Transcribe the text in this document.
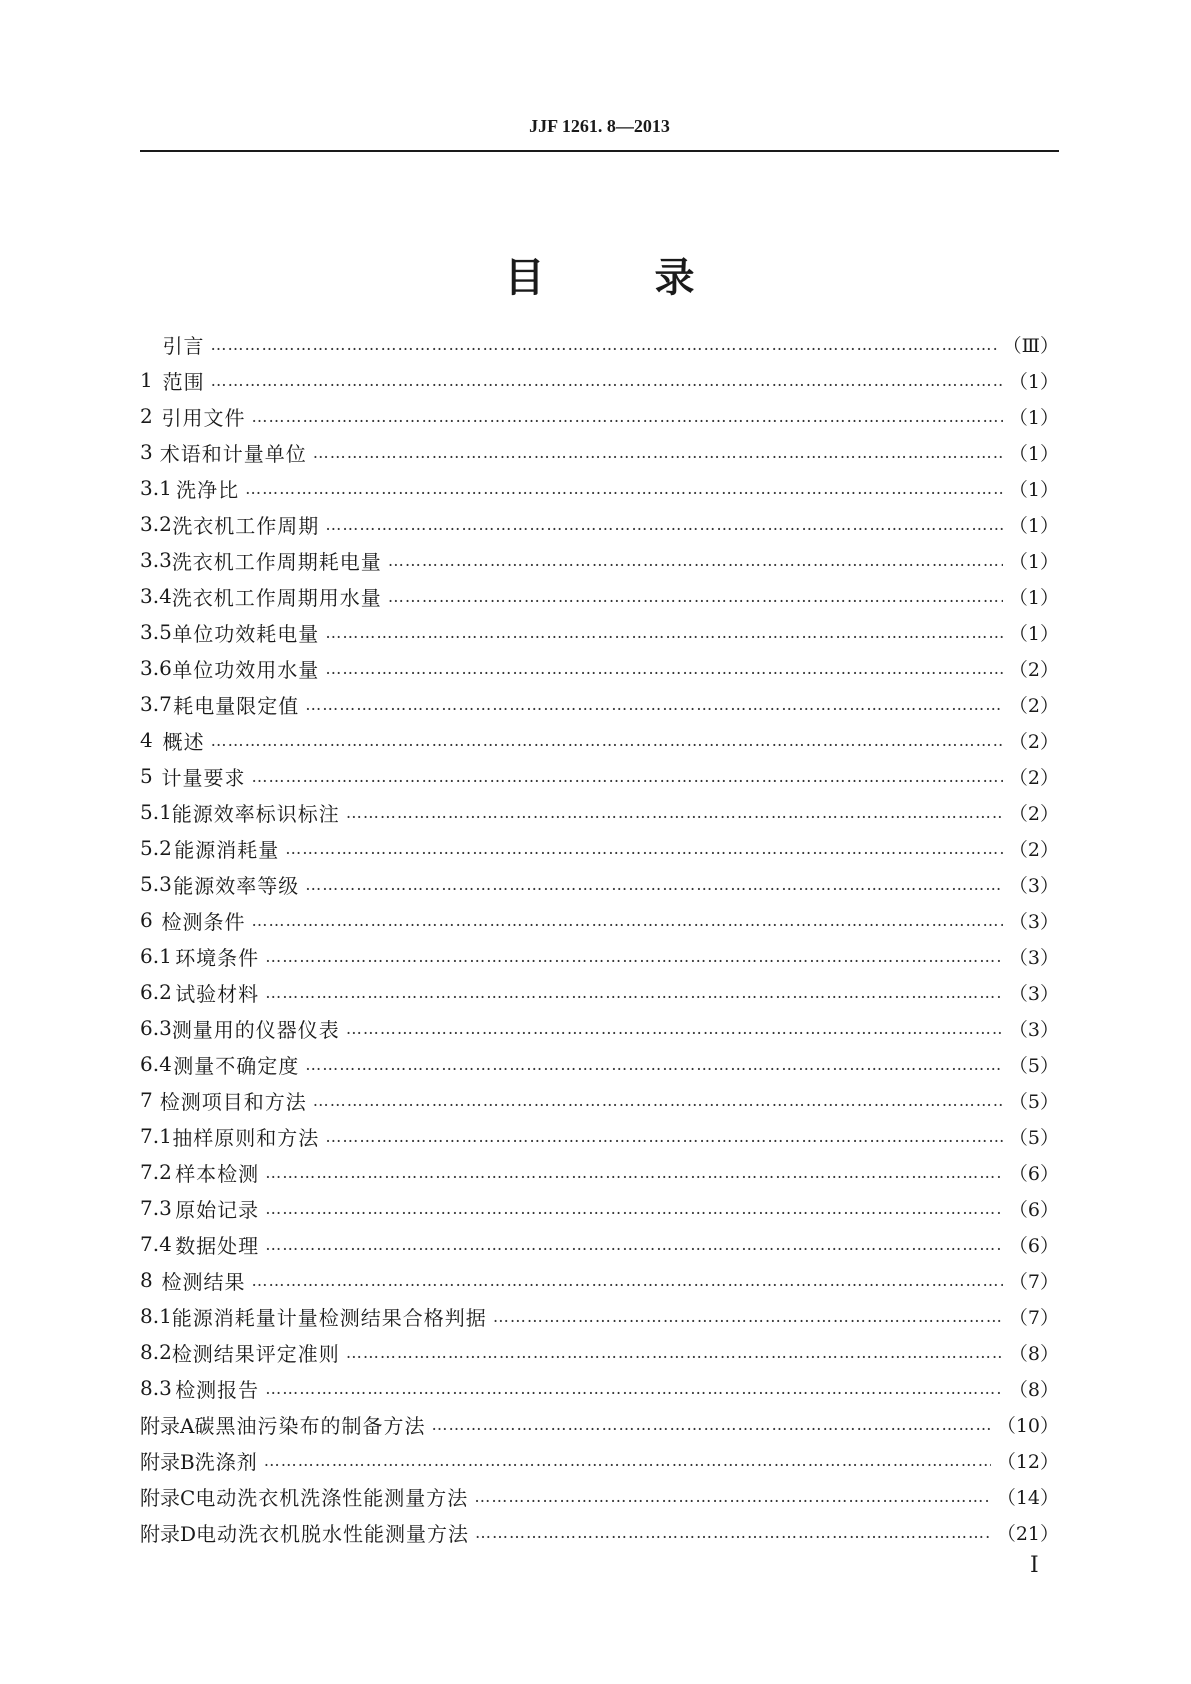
JJF 1261. 8—2013
目	录
引言 ……………………………………………………………………………………………………………………………………………………………………………………………………	（Ⅲ）
1 范围 ……………………………………………………………………………………………………………………………………………………………………………………………………	（1）
2 引用文件 ……………………………………………………………………………………………………………………………………………………………………………………………………	（1）
3 术语和计量单位 ……………………………………………………………………………………………………………………………………………………………………………………………………	（1）
3.1 洗净比 ……………………………………………………………………………………………………………………………………………………………………………………………………	（1）
3.2 洗衣机工作周期 ……………………………………………………………………………………………………………………………………………………………………………………………………	（1）
3.3 洗衣机工作周期耗电量 ……………………………………………………………………………………………………………………………………………………………………………………………………	（1）
3.4 洗衣机工作周期用水量 ……………………………………………………………………………………………………………………………………………………………………………………………………	（1）
3.5 单位功效耗电量 ……………………………………………………………………………………………………………………………………………………………………………………………………	（1）
3.6 单位功效用水量 ……………………………………………………………………………………………………………………………………………………………………………………………………	（2）
3.7 耗电量限定值 ……………………………………………………………………………………………………………………………………………………………………………………………………	（2）
4 概述 ……………………………………………………………………………………………………………………………………………………………………………………………………	（2）
5 计量要求 ……………………………………………………………………………………………………………………………………………………………………………………………………	（2）
5.1 能源效率标识标注 ……………………………………………………………………………………………………………………………………………………………………………………………………	（2）
5.2 能源消耗量 ……………………………………………………………………………………………………………………………………………………………………………………………………	（2）
5.3 能源效率等级 ……………………………………………………………………………………………………………………………………………………………………………………………………	（3）
6 检测条件 ……………………………………………………………………………………………………………………………………………………………………………………………………	（3）
6.1 环境条件 ……………………………………………………………………………………………………………………………………………………………………………………………………	（3）
6.2 试验材料 ……………………………………………………………………………………………………………………………………………………………………………………………………	（3）
6.3 测量用的仪器仪表 ……………………………………………………………………………………………………………………………………………………………………………………………………	（3）
6.4 测量不确定度 ……………………………………………………………………………………………………………………………………………………………………………………………………	（5）
7 检测项目和方法 ……………………………………………………………………………………………………………………………………………………………………………………………………	（5）
7.1 抽样原则和方法 ……………………………………………………………………………………………………………………………………………………………………………………………………	（5）
7.2 样本检测 ……………………………………………………………………………………………………………………………………………………………………………………………………	（6）
7.3 原始记录 ……………………………………………………………………………………………………………………………………………………………………………………………………	（6）
7.4 数据处理 ……………………………………………………………………………………………………………………………………………………………………………………………………	（6）
8 检测结果 ……………………………………………………………………………………………………………………………………………………………………………………………………	（7）
8.1 能源消耗量计量检测结果合格判据 ……………………………………………………………………………………………………………………………………………………………………………………………………	（7）
8.2 检测结果评定准则 ……………………………………………………………………………………………………………………………………………………………………………………………………	（8）
8.3 检测报告 ……………………………………………………………………………………………………………………………………………………………………………………………………	（8）
附录A 碳黑油污染布的制备方法 ……………………………………………………………………………………………………………………………………………………………………………………………………	（10）
附录B 洗涤剂 ……………………………………………………………………………………………………………………………………………………………………………………………………	（12）
附录C 电动洗衣机洗涤性能测量方法 ……………………………………………………………………………………………………………………………………………………………………………………………………	（14）
附录D 电动洗衣机脱水性能测量方法 ……………………………………………………………………………………………………………………………………………………………………………………………………	（21）
Ⅰ
